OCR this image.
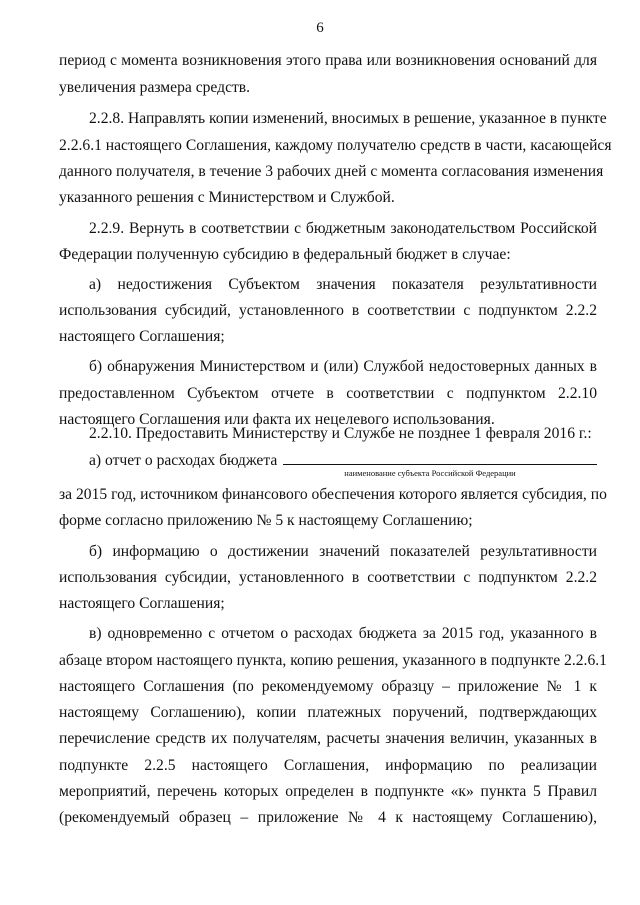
6
период с момента возникновения этого права или возникновения оснований для
увеличения размера средств.
2.2.8. Направлять копии изменений, вносимых в решение, указанное в пункте
2.2.6.1 настоящего Соглашения, каждому получателю средств в части, касающейся
данного получателя, в течение 3 рабочих дней с момента согласования изменения
указанного решения с Министерством и Службой.
2.2.9. Вернуть в соответствии с бюджетным законодательством Российской
Федерации полученную субсидию в федеральный бюджет в случае:
а) недостижения Субъектом значения показателя результативности
использования субсидий, установленного в соответствии с подпунктом 2.2.2
настоящего Соглашения;
б) обнаружения Министерством и (или) Службой недостоверных данных в
предоставленном Субъектом отчете в соответствии с подпунктом 2.2.10
настоящего Соглашения или факта их нецелевого использования.
2.2.10. Предоставить Министерству и Службе не позднее 1 февраля 2016 г.:
а) отчет о расходах бюджета
наименование субъекта Российской Федерации
за 2015 год, источником финансового обеспечения которого является субсидия, по
форме согласно приложению № 5 к настоящему Соглашению;
б) информацию о достижении значений показателей результативности
использования субсидии, установленного в соответствии с подпунктом 2.2.2
настоящего Соглашения;
в) одновременно с отчетом о расходах бюджета за 2015 год, указанного в
абзаце втором настоящего пункта, копию решения, указанного в подпункте 2.2.6.1
настоящего Соглашения (по рекомендуемому образцу – приложение № 1 к
настоящему Соглашению), копии платежных поручений, подтверждающих
перечисление средств их получателям, расчеты значения величин, указанных в
подпункте 2.2.5 настоящего Соглашения, информацию по реализации
мероприятий, перечень которых определен в подпункте «к» пункта 5 Правил
(рекомендуемый образец – приложение № 4 к настоящему Соглашению),
